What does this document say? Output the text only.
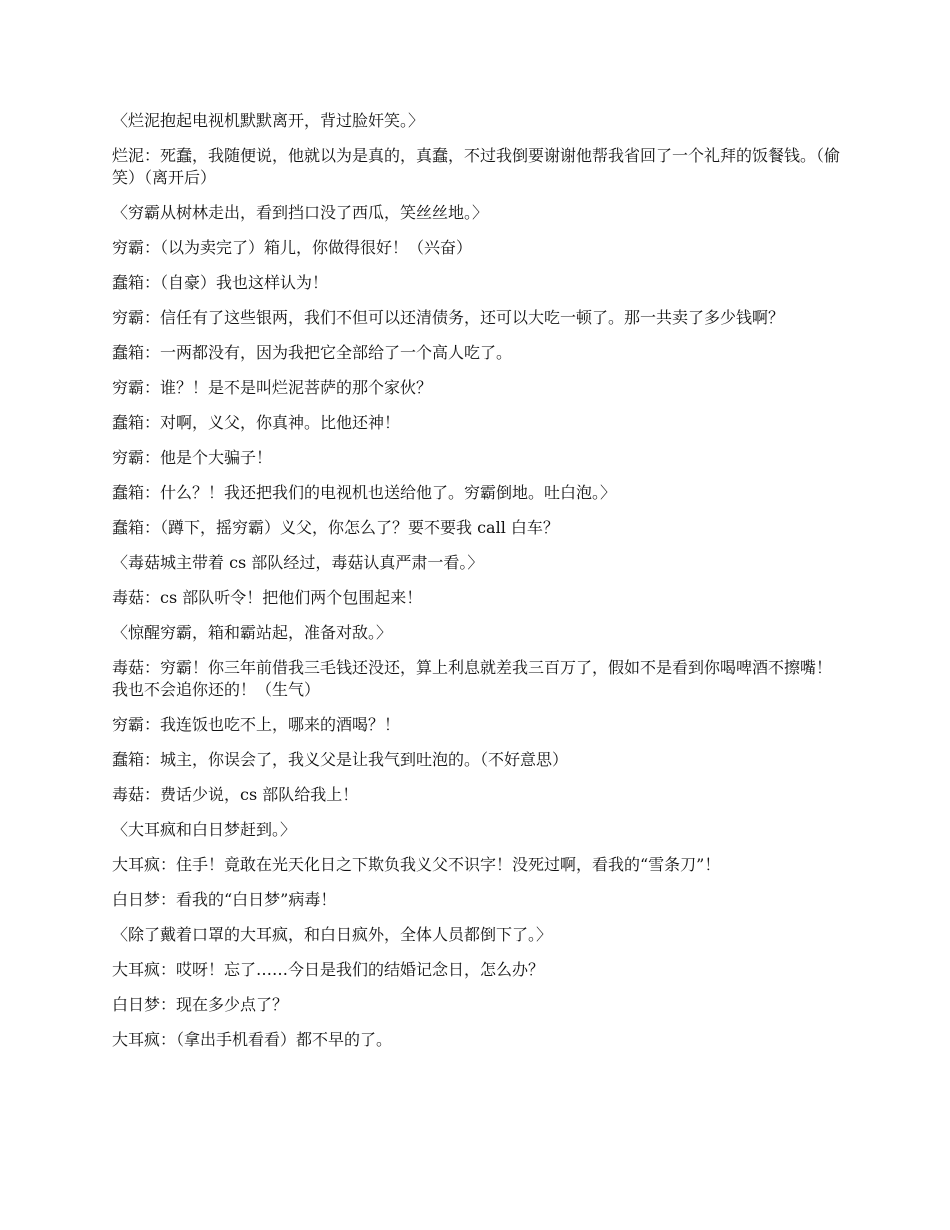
〈烂泥抱起电视机默默离开，背过脸奸笑。〉

烂泥：死蠢，我随便说，他就以为是真的，真蠢，不过我倒要谢谢他帮我省回了一个礼拜的饭餐钱。（偷笑）（离开后）

〈穷霸从树林走出，看到挡口没了西瓜，笑丝丝地。〉

穷霸：（以为卖完了）箱儿，你做得很好！（兴奋）

蠢箱：（自豪）我也这样认为！

穷霸：信任有了这些银两，我们不但可以还清债务，还可以大吃一顿了。那一共卖了多少钱啊？

蠢箱：一两都没有，因为我把它全部给了一个高人吃了。

穷霸：谁？！是不是叫烂泥菩萨的那个家伙？

蠢箱：对啊，义父，你真神。比他还神！

穷霸：他是个大骗子！

蠢箱：什么？！我还把我们的电视机也送给他了。穷霸倒地。吐白泡。〉

蠢箱：（蹲下，摇穷霸）义父，你怎么了？要不要我 call 白车？

〈毒菇城主带着 cs 部队经过，毒菇认真严肃一看。〉

毒菇：cs 部队听令！把他们两个包围起来！

〈惊醒穷霸，箱和霸站起，准备对敌。〉

毒菇：穷霸！你三年前借我三毛钱还没还，算上利息就差我三百万了，假如不是看到你喝啤酒不擦嘴！我也不会追你还的！（生气）

穷霸：我连饭也吃不上，哪来的酒喝？！

蠢箱：城主，你误会了，我义父是让我气到吐泡的。（不好意思）

毒菇：费话少说，cs 部队给我上！

〈大耳疯和白日梦赶到。〉

大耳疯：住手！竟敢在光天化日之下欺负我义父不识字！没死过啊，看我的“雪条刀”！

白日梦：看我的“白日梦”病毒！

〈除了戴着口罩的大耳疯，和白日疯外，全体人员都倒下了。〉

大耳疯：哎呀！忘了……今日是我们的结婚记念日，怎么办？

白日梦：现在多少点了？

大耳疯：（拿出手机看看）都不早的了。
